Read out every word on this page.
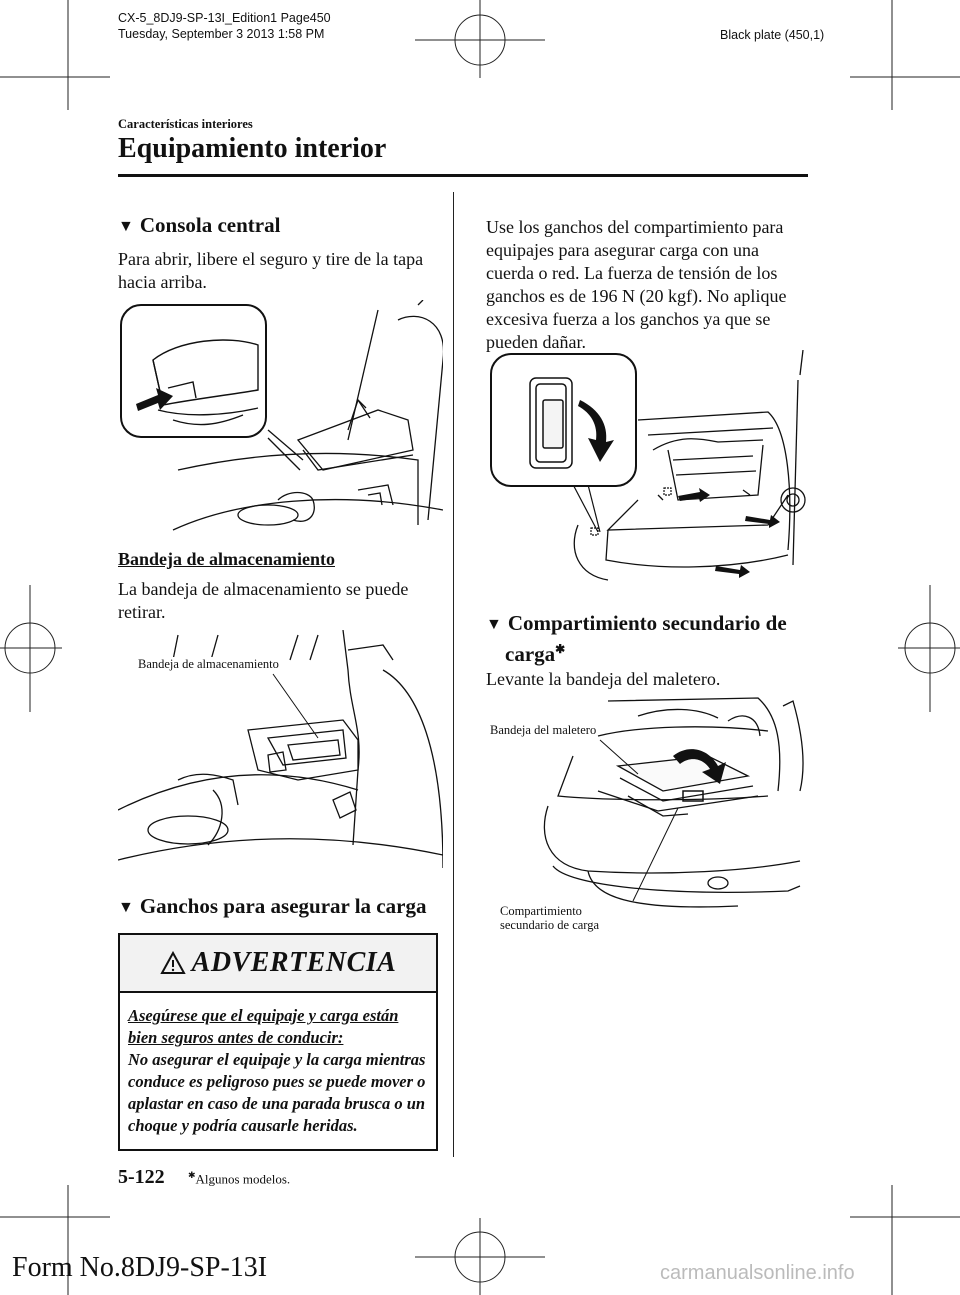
CX-5_8DJ9-SP-13I_Edition1 Page450
Tuesday, September 3 2013 1:58 PM	Black plate (450,1)
Características interiores
Equipamiento interior
▼ Consola central
Para abrir, libere el seguro y tire de la tapa hacia arriba.
Bandeja de almacenamiento
La bandeja de almacenamiento se puede retirar.
Bandeja de almacenamiento
▼ Ganchos para asegurar la carga
ADVERTENCIA
Asegúrese que el equipaje y carga están bien seguros antes de conducir:
No asegurar el equipaje y la carga mientras conduce es peligroso pues se puede mover o aplastar en caso de una parada brusca o un choque y podría causarle heridas.
Use los ganchos del compartimiento para equipajes para asegurar carga con una cuerda o red. La fuerza de tensión de los ganchos es de 196 N (20 kgf). No aplique excesiva fuerza a los ganchos ya que se pueden dañar.
▼ Compartimiento secundario de
carga✱
Levante la bandeja del maletero.
Bandeja del maletero
Compartimiento
secundario de carga
5-122	✱Algunos modelos.
Form No.8DJ9-SP-13I	carmanualsonline.info
